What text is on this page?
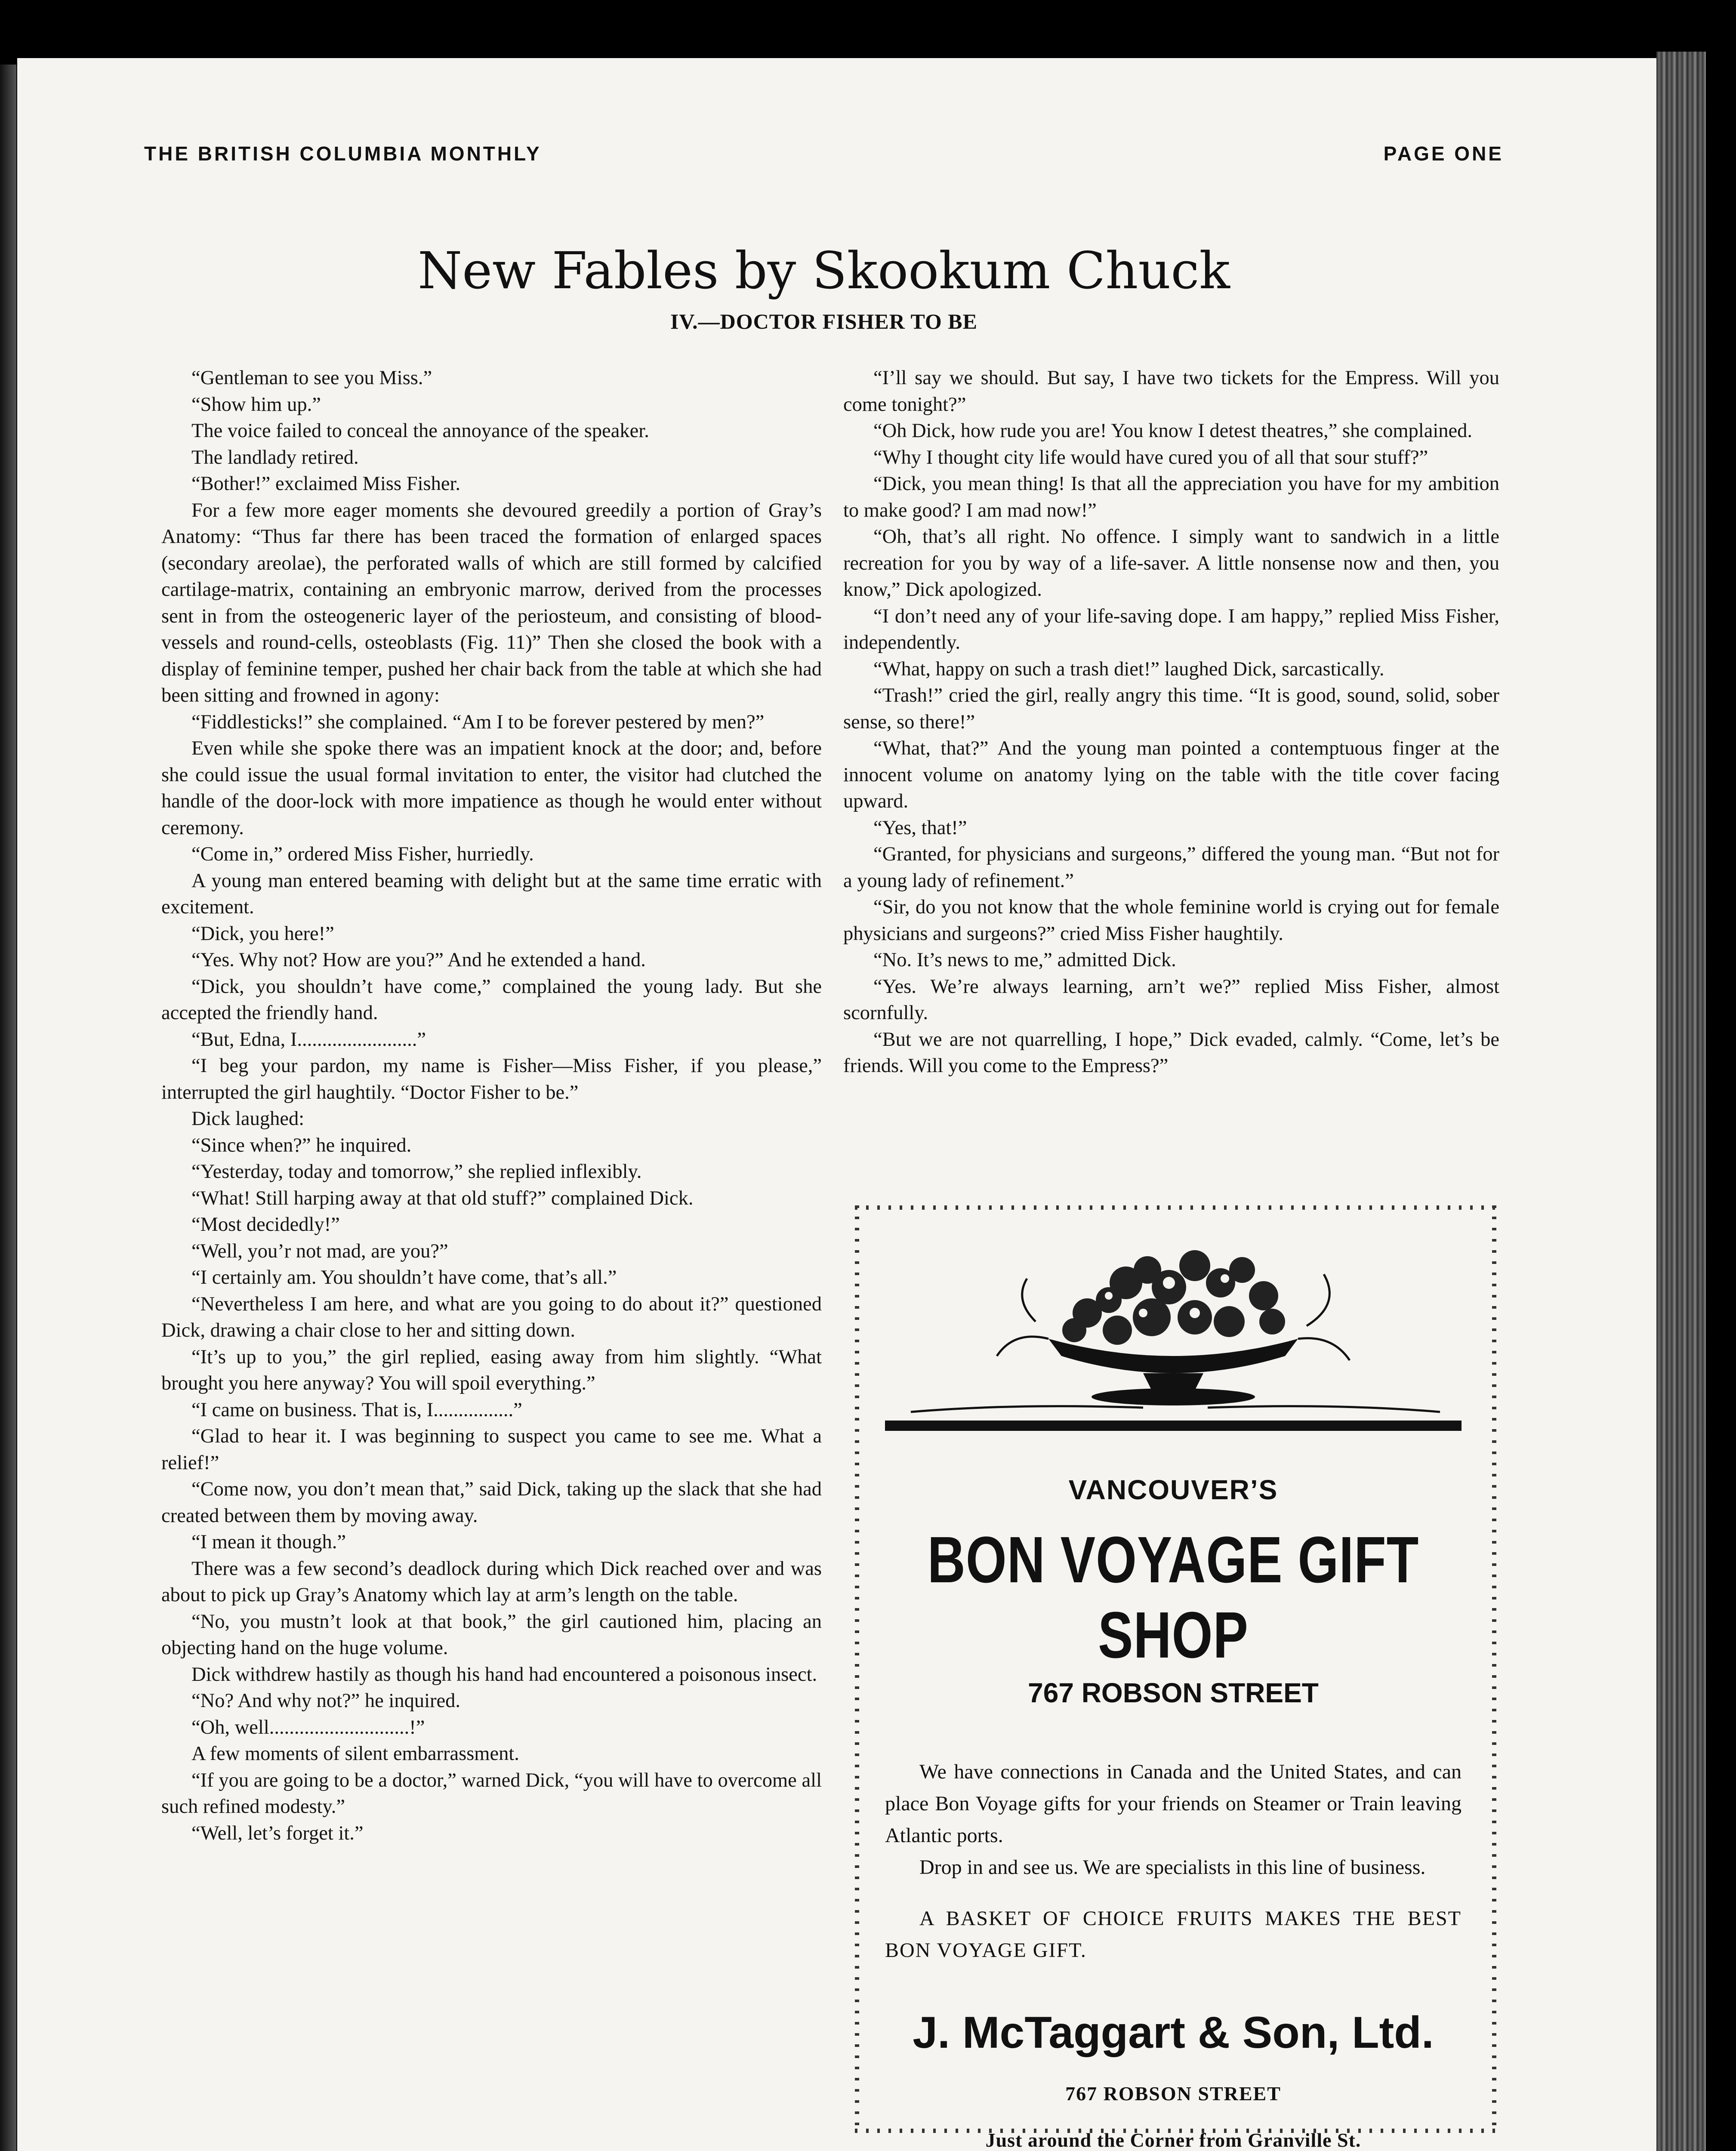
THE BRITISH COLUMBIA MONTHLY	PAGE ONE
New Fables by Skookum Chuck
IV.—DOCTOR FISHER TO BE

“Gentleman to see you Miss.”

“Show him up.”

The voice failed to conceal the annoyance of the speaker.

The landlady retired.

“Bother!” exclaimed Miss Fisher.

For a few more eager moments she devoured greedily a portion of Gray’s Anatomy: “Thus far there has been traced the formation of enlarged spaces (secondary areolae), the perforated walls of which are still formed by calcified cartilage-matrix, containing an embryonic marrow, derived from the processes sent in from the osteogeneric layer of the periosteum, and consisting of blood-vessels and round-cells, osteoblasts (Fig. 11)” Then she closed the book with a display of feminine temper, pushed her chair back from the table at which she had been sitting and frowned in agony:

“Fiddlesticks!” she complained. “Am I to be forever pestered by men?”

Even while she spoke there was an impatient knock at the door; and, before she could issue the usual formal invitation to enter, the visitor had clutched the handle of the door-lock with more impatience as though he would enter without ceremony.

“Come in,” ordered Miss Fisher, hurriedly.

A young man entered beaming with delight but at the same time erratic with excitement.

“Dick, you here!”

“Yes. Why not? How are you?” And he extended a hand.

“Dick, you shouldn’t have come,” complained the young lady. But she accepted the friendly hand.

“But, Edna, I........................”

“I beg your pardon, my name is Fisher—Miss Fisher, if you please,” interrupted the girl haughtily. “Doctor Fisher to be.”

Dick laughed:

“Since when?” he inquired.

“Yesterday, today and tomorrow,” she replied inflexibly.

“What! Still harping away at that old stuff?” complained Dick.

“Most decidedly!”

“Well, you’r not mad, are you?”

“I certainly am. You shouldn’t have come, that’s all.”

“Nevertheless I am here, and what are you going to do about it?” questioned Dick, drawing a chair close to her and sitting down.

“It’s up to you,” the girl replied, easing away from him slightly. “What brought you here anyway? You will spoil everything.”

“I came on business. That is, I................”

“Glad to hear it. I was beginning to suspect you came to see me. What a relief!”

“Come now, you don’t mean that,” said Dick, taking up the slack that she had created between them by moving away.

“I mean it though.”

There was a few second’s deadlock during which Dick reached over and was about to pick up Gray’s Anatomy which lay at arm’s length on the table.

“No, you mustn’t look at that book,” the girl cautioned him, placing an objecting hand on the huge volume.

Dick withdrew hastily as though his hand had encountered a poisonous insect.

“No? And why not?” he inquired.

“Oh, well............................!”

A few moments of silent embarrassment.

“If you are going to be a doctor,” warned Dick, “you will have to overcome all such refined modesty.”

“Well, let’s forget it.”

“I’ll say we should. But say, I have two tickets for the Empress. Will you come tonight?”

“Oh Dick, how rude you are! You know I detest theatres,” she complained.

“Why I thought city life would have cured you of all that sour stuff?”

“Dick, you mean thing! Is that all the appreciation you have for my ambition to make good? I am mad now!”

“Oh, that’s all right. No offence. I simply want to sandwich in a little recreation for you by way of a life-saver. A little nonsense now and then, you know,” Dick apologized.

“I don’t need any of your life-saving dope. I am happy,” replied Miss Fisher, independently.

“What, happy on such a trash diet!” laughed Dick, sarcastically.

“Trash!” cried the girl, really angry this time. “It is good, sound, solid, sober sense, so there!”

“What, that?” And the young man pointed a contemptuous finger at the innocent volume on anatomy lying on the table with the title cover facing upward.

“Yes, that!”

“Granted, for physicians and surgeons,” differed the young man. “But not for a young lady of refinement.”

“Sir, do you not know that the whole feminine world is crying out for female physicians and surgeons?” cried Miss Fisher haughtily.

“No. It’s news to me,” admitted Dick.

“Yes. We’re always learning, arn’t we?” replied Miss Fisher, almost scornfully.

“But we are not quarrelling, I hope,” Dick evaded, calmly. “Come, let’s be friends. Will you come to the Empress?”

VANCOUVER’S
BON VOYAGE GIFT SHOP
767 ROBSON STREET

We have connections in Canada and the United States, and can place Bon Voyage gifts for your friends on Steamer or Train leaving Atlantic ports.

Drop in and see us. We are specialists in this line of business.

A BASKET OF CHOICE FRUITS MAKES THE BEST BON VOYAGE GIFT.

J. McTaggart & Son, Ltd.
767 ROBSON STREET
Just around the Corner from Granville St.
